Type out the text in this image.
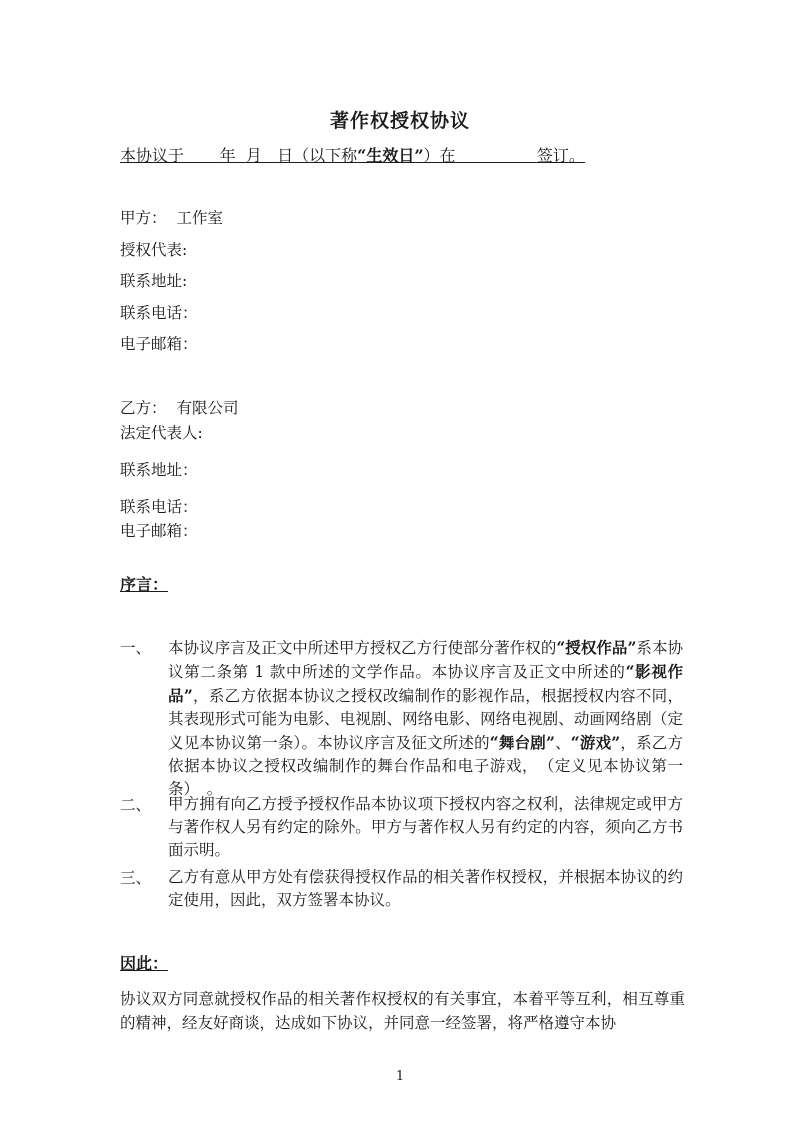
著作权授权协议
本协议于 年 月 日（以下称“生效日”）在	签订。
甲方： 工作室
授权代表:
联系地址:
联系电话：
电子邮箱：
乙方： 有限公司
法定代表人:
联系地址：
联系电话：
电子邮箱：
序言：
一、 本协议序言及正文中所述甲方授权乙方行使部分著作权的“授权作品”系本协议第二条第 1 款中所述的文学作品。本协议序言及正文中所述的“影视作品”，系乙方依据本协议之授权改编制作的影视作品，根据授权内容不同，其表现形式可能为电影、电视剧、网络电影、网络电视剧、动画网络剧（定义见本协议第一条）。本协议序言及征文所述的“舞台剧”、“游戏”，系乙方依据本协议之授权改编制作的舞台作品和电子游戏，　（定义见本协议第一条）　。
二、 甲方拥有向乙方授予授权作品本协议项下授权内容之权利，法律规定或甲方与著作权人另有约定的除外。甲方与著作权人另有约定的内容，须向乙方书面示明。
三、 乙方有意从甲方处有偿获得授权作品的相关著作权授权，并根据本协议的约定使用，因此，双方签署本协议。
因此：
协议双方同意就授权作品的相关著作权授权的有关事宜，本着平等互利，相互尊重的精神，经友好商谈，达成如下协议，并同意一经签署，将严格遵守本协
1
